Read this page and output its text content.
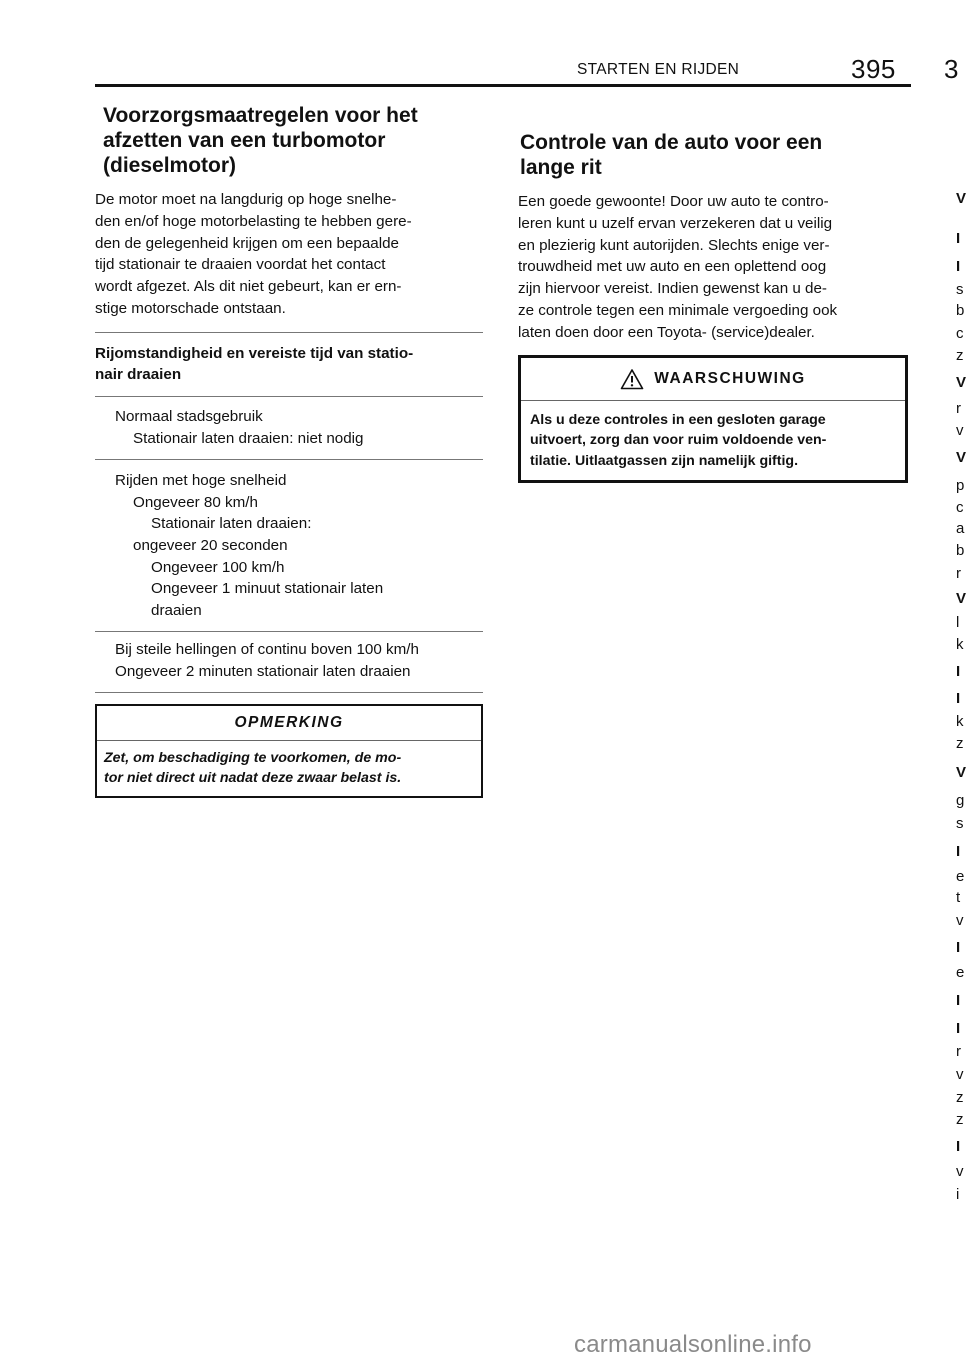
STARTEN EN RIJDEN	395 3
Voorzorgsmaatregelen voor het
afzetten van een turbomotor
(dieselmotor)
De motor moet na langdurig op hoge snelhe-
den en/of hoge motorbelasting te hebben gere-
den de gelegenheid krijgen om een bepaalde
tijd stationair te draaien voordat het contact
wordt afgezet. Als dit niet gebeurt, kan er ern-
stige motorschade ontstaan.
Rijomstandigheid en vereiste tijd van statio-
nair draaien
Normaal stadsgebruik
Stationair laten draaien: niet nodig
Rijden met hoge snelheid
Ongeveer 80 km/h
Stationair laten draaien:
ongeveer 20 seconden
Ongeveer 100 km/h
Ongeveer 1 minuut stationair laten
draaien
Bij steile hellingen of continu boven 100 km/h
Ongeveer 2 minuten stationair laten draaien
OPMERKING
Zet, om beschadiging te voorkomen, de mo-
tor niet direct uit nadat deze zwaar belast is.
Controle van de auto voor een
lange rit
Een goede gewoonte! Door uw auto te contro-
leren kunt u uzelf ervan verzekeren dat u veilig
en plezierig kunt autorijden. Slechts enige ver-
trouwdheid met uw auto en een oplettend oog
zijn hiervoor vereist. Indien gewenst kan u de-
ze controle tegen een minimale vergoeding ook
laten doen door een Toyota- (service)dealer.
WAARSCHUWING
Als u deze controles in een gesloten garage
uitvoert, zorg dan voor ruim voldoende ven-
tilatie. Uitlaatgassen zijn namelijk giftig.
V
I
I
s
b
c
z
V
r
v
V
p
c
a
b
r
V
l
k
I
I
k
z
V
g
s
I
e
t
v
I
e
I
I
r
v
z
z
I
v
i
carmanualsonline.info
